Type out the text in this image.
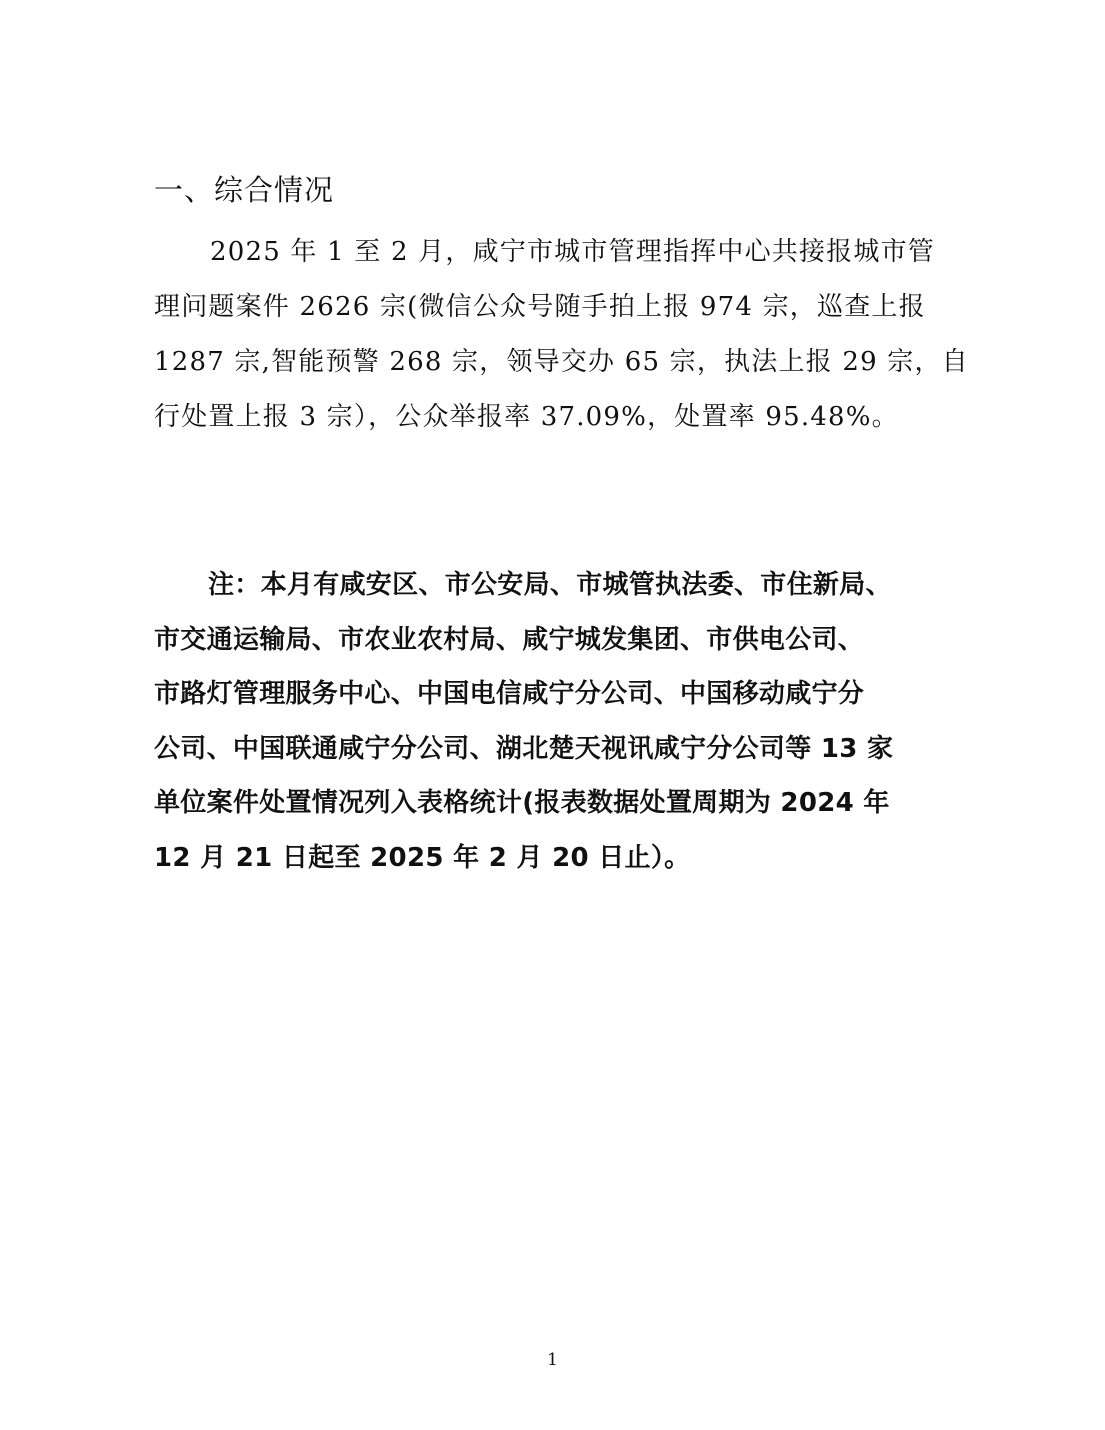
一、综合情况

2025 年 1 至 2 月，咸宁市城市管理指挥中心共接报城市管
理问题案件 2626 宗(微信公众号随手拍上报 974 宗，巡查上报
1287 宗,智能预警 268 宗，领导交办 65 宗，执法上报 29 宗，自
行处置上报 3 宗），公众举报率 37.09%，处置率 95.48%。

注：本月有咸安区、市公安局、市城管执法委、市住新局、
市交通运输局、市农业农村局、咸宁城发集团、市供电公司、
市路灯管理服务中心、中国电信咸宁分公司、中国移动咸宁分
公司、中国联通咸宁分公司、湖北楚天视讯咸宁分公司等 13 家
单位案件处置情况列入表格统计(报表数据处置周期为 2024 年
12 月 21 日起至 2025 年 2 月 20 日止）。

1
